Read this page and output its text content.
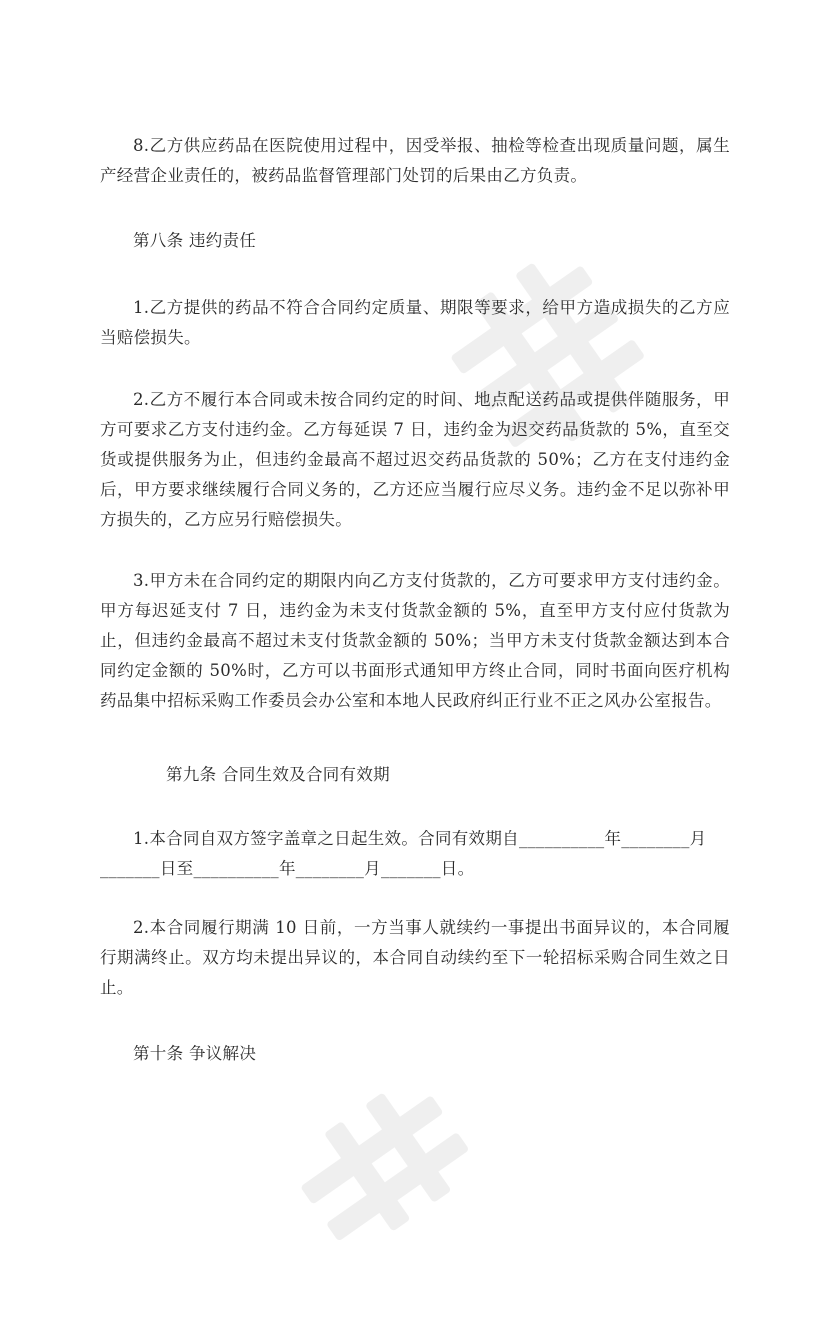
8.乙方供应药品在医院使用过程中，因受举报、抽检等检查出现质量问题，属生产经营企业责任的，被药品监督管理部门处罚的后果由乙方负责。

第八条 违约责任

1.乙方提供的药品不符合合同约定质量、期限等要求，给甲方造成损失的乙方应当赔偿损失。

2.乙方不履行本合同或未按合同约定的时间、地点配送药品或提供伴随服务，甲方可要求乙方支付违约金。乙方每延误 7 日，违约金为迟交药品货款的 5%，直至交货或提供服务为止，但违约金最高不超过迟交药品货款的 50%；乙方在支付违约金后，甲方要求继续履行合同义务的，乙方还应当履行应尽义务。违约金不足以弥补甲方损失的，乙方应另行赔偿损失。

3.甲方未在合同约定的期限内向乙方支付货款的，乙方可要求甲方支付违约金。甲方每迟延支付 7 日，违约金为未支付货款金额的 5%，直至甲方支付应付货款为止，但违约金最高不超过未支付货款金额的 50%；当甲方未支付货款金额达到本合同约定金额的 50%时，乙方可以书面形式通知甲方终止合同，同时书面向医疗机构药品集中招标采购工作委员会办公室和本地人民政府纠正行业不正之风办公室报告。

第九条 合同生效及合同有效期

1.本合同自双方签字盖章之日起生效。合同有效期自__________年________月

_______日至__________年________月_______日。

2.本合同履行期满 10 日前，一方当事人就续约一事提出书面异议的，本合同履行期满终止。双方均未提出异议的，本合同自动续约至下一轮招标采购合同生效之日止。

第十条 争议解决
